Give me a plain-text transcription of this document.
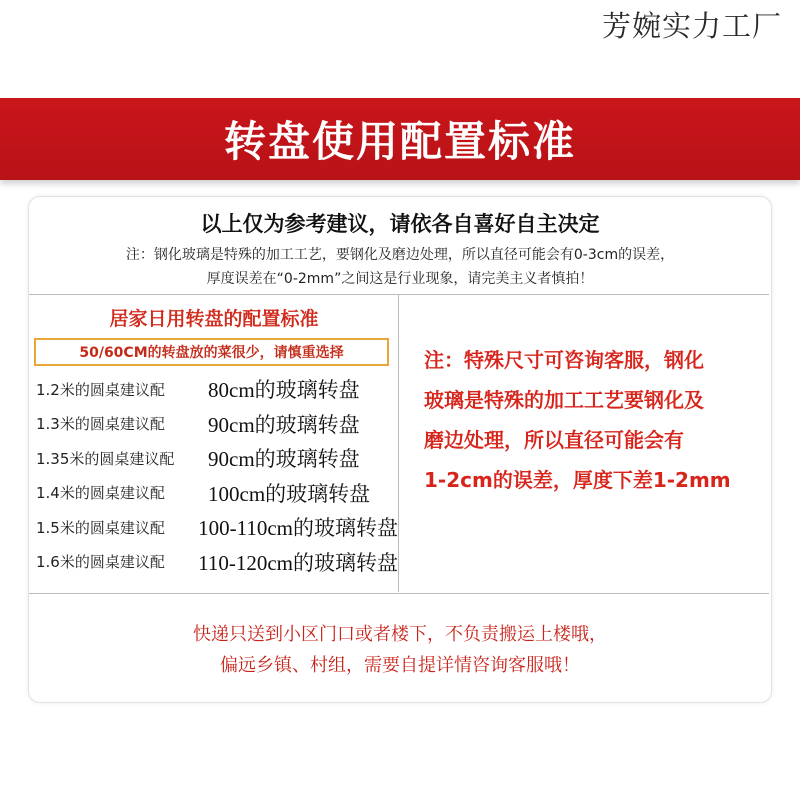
芳婉实力工厂
转盘使用配置标准
以上仅为参考建议，请依各自喜好自主决定
注：钢化玻璃是特殊的加工工艺，要钢化及磨边处理，所以直径可能会有0-3cm的误差，
厚度误差在“0-2mm”之间这是行业现象，请完美主义者慎拍！
居家日用转盘的配置标准
50/60CM的转盘放的菜很少，请慎重选择
1.2米的圆桌建议配	80cm的玻璃转盘
1.3米的圆桌建议配	90cm的玻璃转盘
1.35米的圆桌建议配	90cm的玻璃转盘
1.4米的圆桌建议配	100cm的玻璃转盘
1.5米的圆桌建议配	100-110cm的玻璃转盘
1.6米的圆桌建议配	110-120cm的玻璃转盘
注：特殊尺寸可咨询客服，钢化
玻璃是特殊的加工工艺要钢化及
磨边处理，所以直径可能会有
1-2cm的误差，厚度下差1-2mm
快递只送到小区门口或者楼下，不负责搬运上楼哦，
偏远乡镇、村组，需要自提详情咨询客服哦！
